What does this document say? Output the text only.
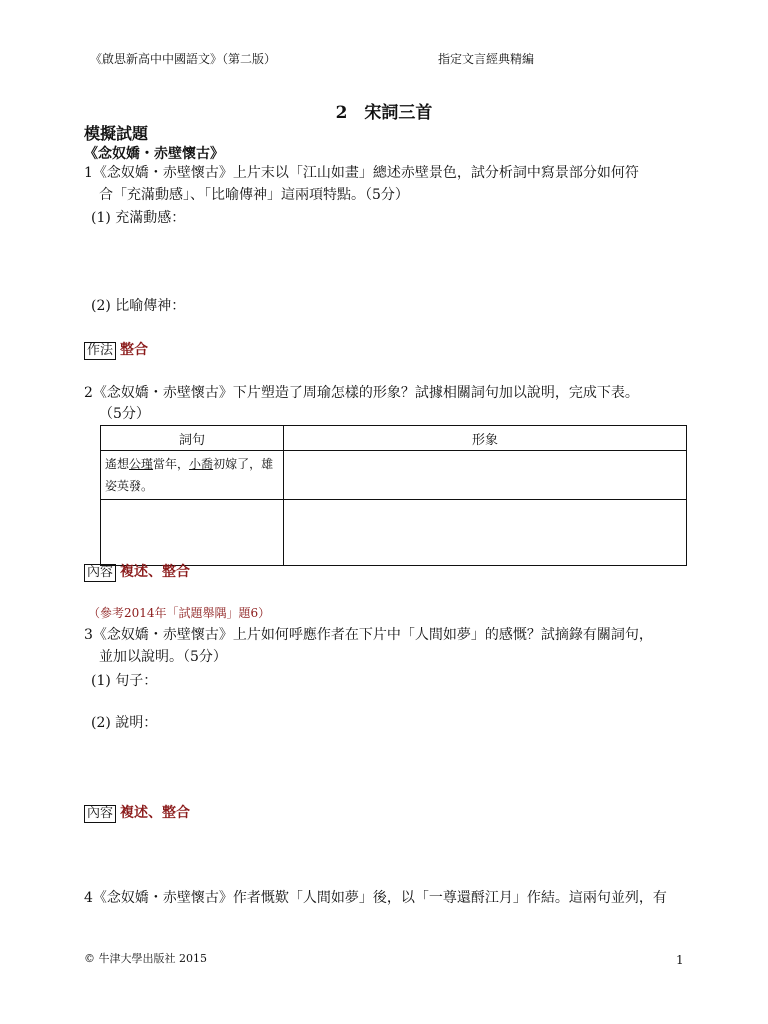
《啟思新高中中國語文》（第二版）	指定文言經典精編
2　宋詞三首
模擬試題
《念奴嬌・赤壁懷古》
1《念奴嬌・赤壁懷古》上片末以「江山如畫」總述赤壁景色，試分析詞中寫景部分如何符
合「充滿動感」、「比喻傳神」這兩項特點。（5分）
(1) 充滿動感：
(2) 比喻傳神：
作法 整合
2《念奴嬌・赤壁懷古》下片塑造了周瑜怎樣的形象？試據相關詞句加以說明，完成下表。
（5分）
詞句	形象
遙想公瑾當年，小喬初嫁了，雄姿英發。	

內容 複述、整合
（參考2014年「試題舉隅」題6）
3《念奴嬌・赤壁懷古》上片如何呼應作者在下片中「人間如夢」的感慨？試摘錄有關詞句，
並加以說明。（5分）
(1) 句子：
(2) 說明：
內容 複述、整合
4《念奴嬌・赤壁懷古》作者慨歎「人間如夢」後，以「一尊還酹江月」作結。這兩句並列，有
© 牛津大學出版社 2015	1
